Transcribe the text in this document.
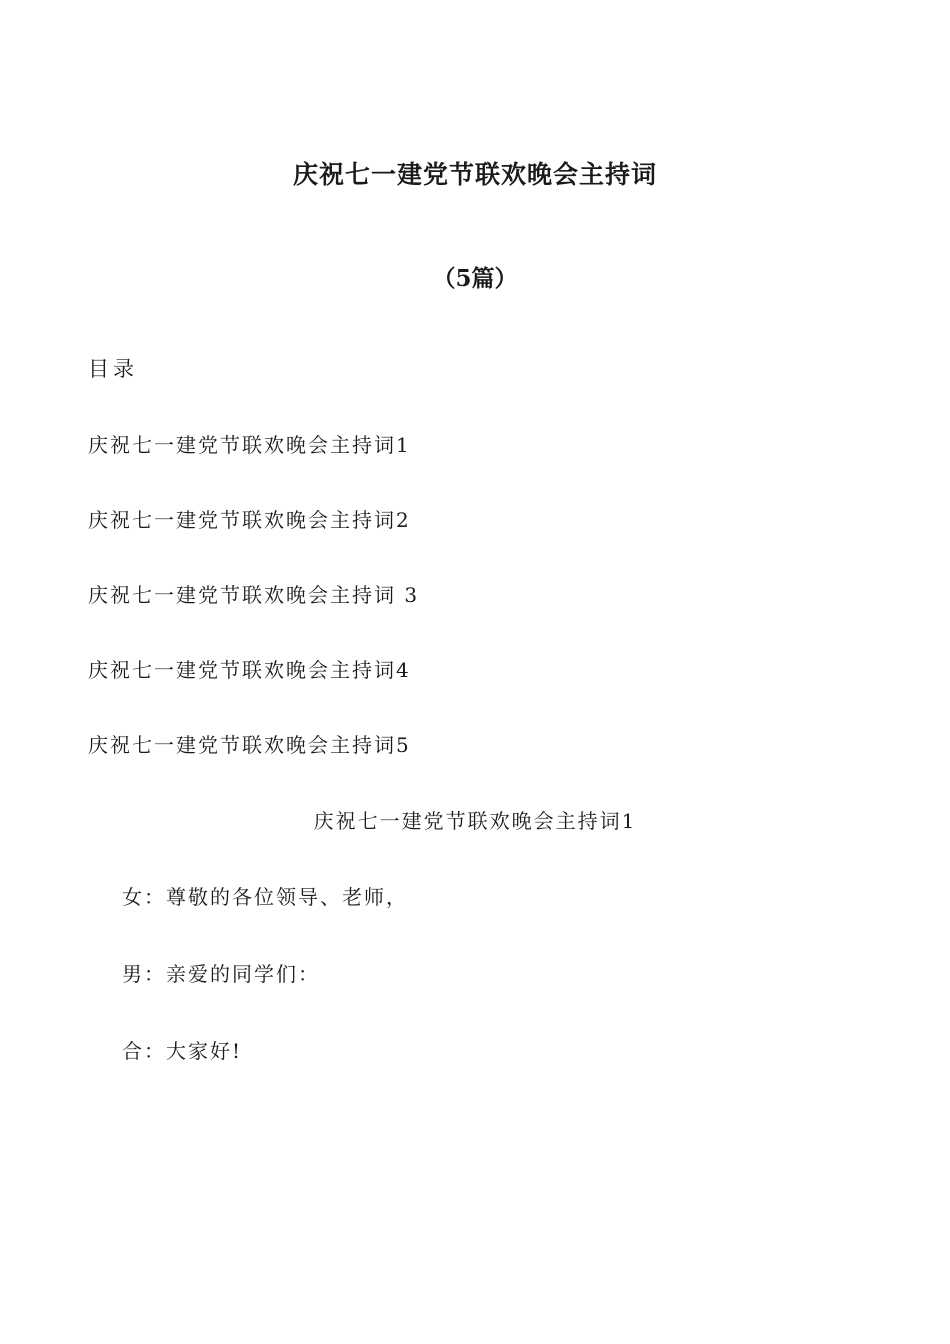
庆祝七一建党节联欢晚会主持词
（5篇）
目录
庆祝七一建党节联欢晚会主持词1
庆祝七一建党节联欢晚会主持词2
庆祝七一建党节联欢晚会主持词 3
庆祝七一建党节联欢晚会主持词4
庆祝七一建党节联欢晚会主持词5
庆祝七一建党节联欢晚会主持词1
女：尊敬的各位领导、老师，
男：亲爱的同学们：
合：大家好!
